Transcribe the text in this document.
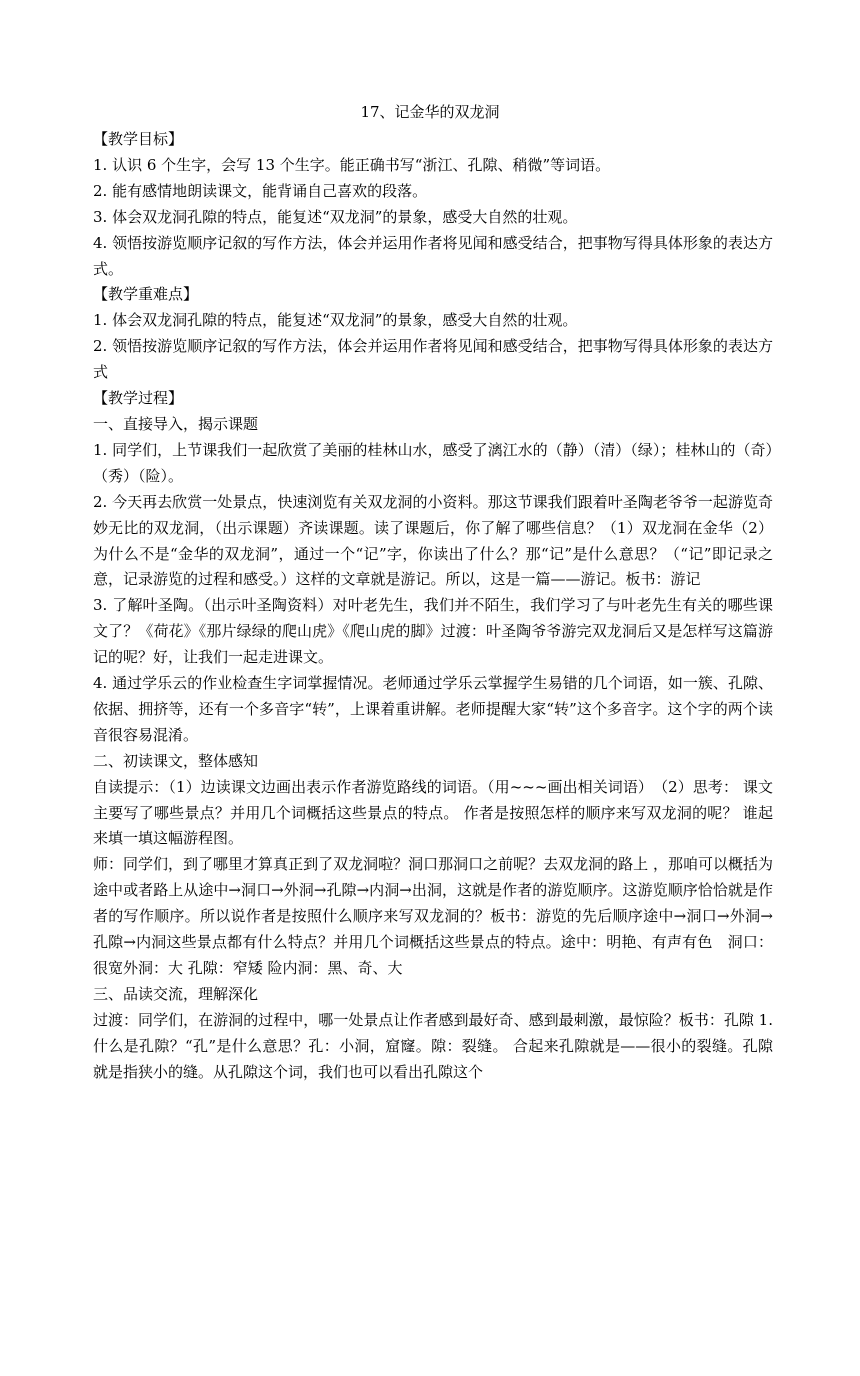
17、记金华的双龙洞

【教学目标】

1. 认识 6 个生字，会写 13 个生字。能正确书写“浙江、孔隙、稍微”等词语。

2. 能有感情地朗读课文，能背诵自己喜欢的段落。

3. 体会双龙洞孔隙的特点，能复述“双龙洞”的景象，感受大自然的壮观。

4. 领悟按游览顺序记叙的写作方法，体会并运用作者将见闻和感受结合，把事物写得具体形象的表达方式。

【教学重难点】

1. 体会双龙洞孔隙的特点，能复述“双龙洞”的景象，感受大自然的壮观。

2. 领悟按游览顺序记叙的写作方法，体会并运用作者将见闻和感受结合，把事物写得具体形象的表达方式

【教学过程】

一、直接导入，揭示课题

1. 同学们，上节课我们一起欣赏了美丽的桂林山水，感受了漓江水的（静）（清）（绿）；桂林山的（奇）（秀）（险）。

2. 今天再去欣赏一处景点，快速浏览有关双龙洞的小资料。那这节课我们跟着叶圣陶老爷爷一起游览奇妙无比的双龙洞，（出示课题）齐读课题。读了课题后，你了解了哪些信息？（1）双龙洞在金华（2）为什么不是“金华的双龙洞”，通过一个“记”字，你读出了什么？那“记”是什么意思？（“记”即记录之意，记录游览的过程和感受。）这样的文章就是游记。所以，这是一篇——游记。板书：游记

3. 了解叶圣陶。（出示叶圣陶资料）对叶老先生，我们并不陌生，我们学习了与叶老先生有关的哪些课文了？《荷花》《那片绿绿的爬山虎》《爬山虎的脚》过渡：叶圣陶爷爷游完双龙洞后又是怎样写这篇游记的呢？好，让我们一起走进课文。

4. 通过学乐云的作业检查生字词掌握情况。老师通过学乐云掌握学生易错的几个词语，如一簇、孔隙、依据、拥挤等，还有一个多音字“转”，上课着重讲解。老师提醒大家“转”这个多音字。这个字的两个读音很容易混淆。

二、初读课文，整体感知

自读提示：（1）边读课文边画出表示作者游览路线的词语。（用~~~画出相关词语）　（2）思考： 课文主要写了哪些景点？并用几个词概括这些景点的特点。 作者是按照怎样的顺序来写双龙洞的呢？ 谁起来填一填这幅游程图。

师：同学们，到了哪里才算真正到了双龙洞啦？洞口那洞口之前呢？去双龙洞的路上 ，那咱可以概括为途中或者路上从途中→洞口→外洞→孔隙→内洞→出洞，这就是作者的游览顺序。这游览顺序恰恰就是作者的写作顺序。所以说作者是按照什么顺序来写双龙洞的？板书：游览的先后顺序途中→洞口→外洞→孔隙→内洞这些景点都有什么特点？并用几个词概括这些景点的特点。途中：明艳、有声有色　洞口：很宽外洞：大 孔隙：窄矮 险内洞：黑、奇、大

三、品读交流，理解深化

过渡：同学们，在游洞的过程中，哪一处景点让作者感到最好奇、感到最刺激，最惊险？板书：孔隙 1.什么是孔隙？“孔”是什么意思？孔：小洞，窟窿。隙：裂缝。 合起来孔隙就是——很小的裂缝。孔隙就是指狭小的缝。从孔隙这个词，我们也可以看出孔隙这个
